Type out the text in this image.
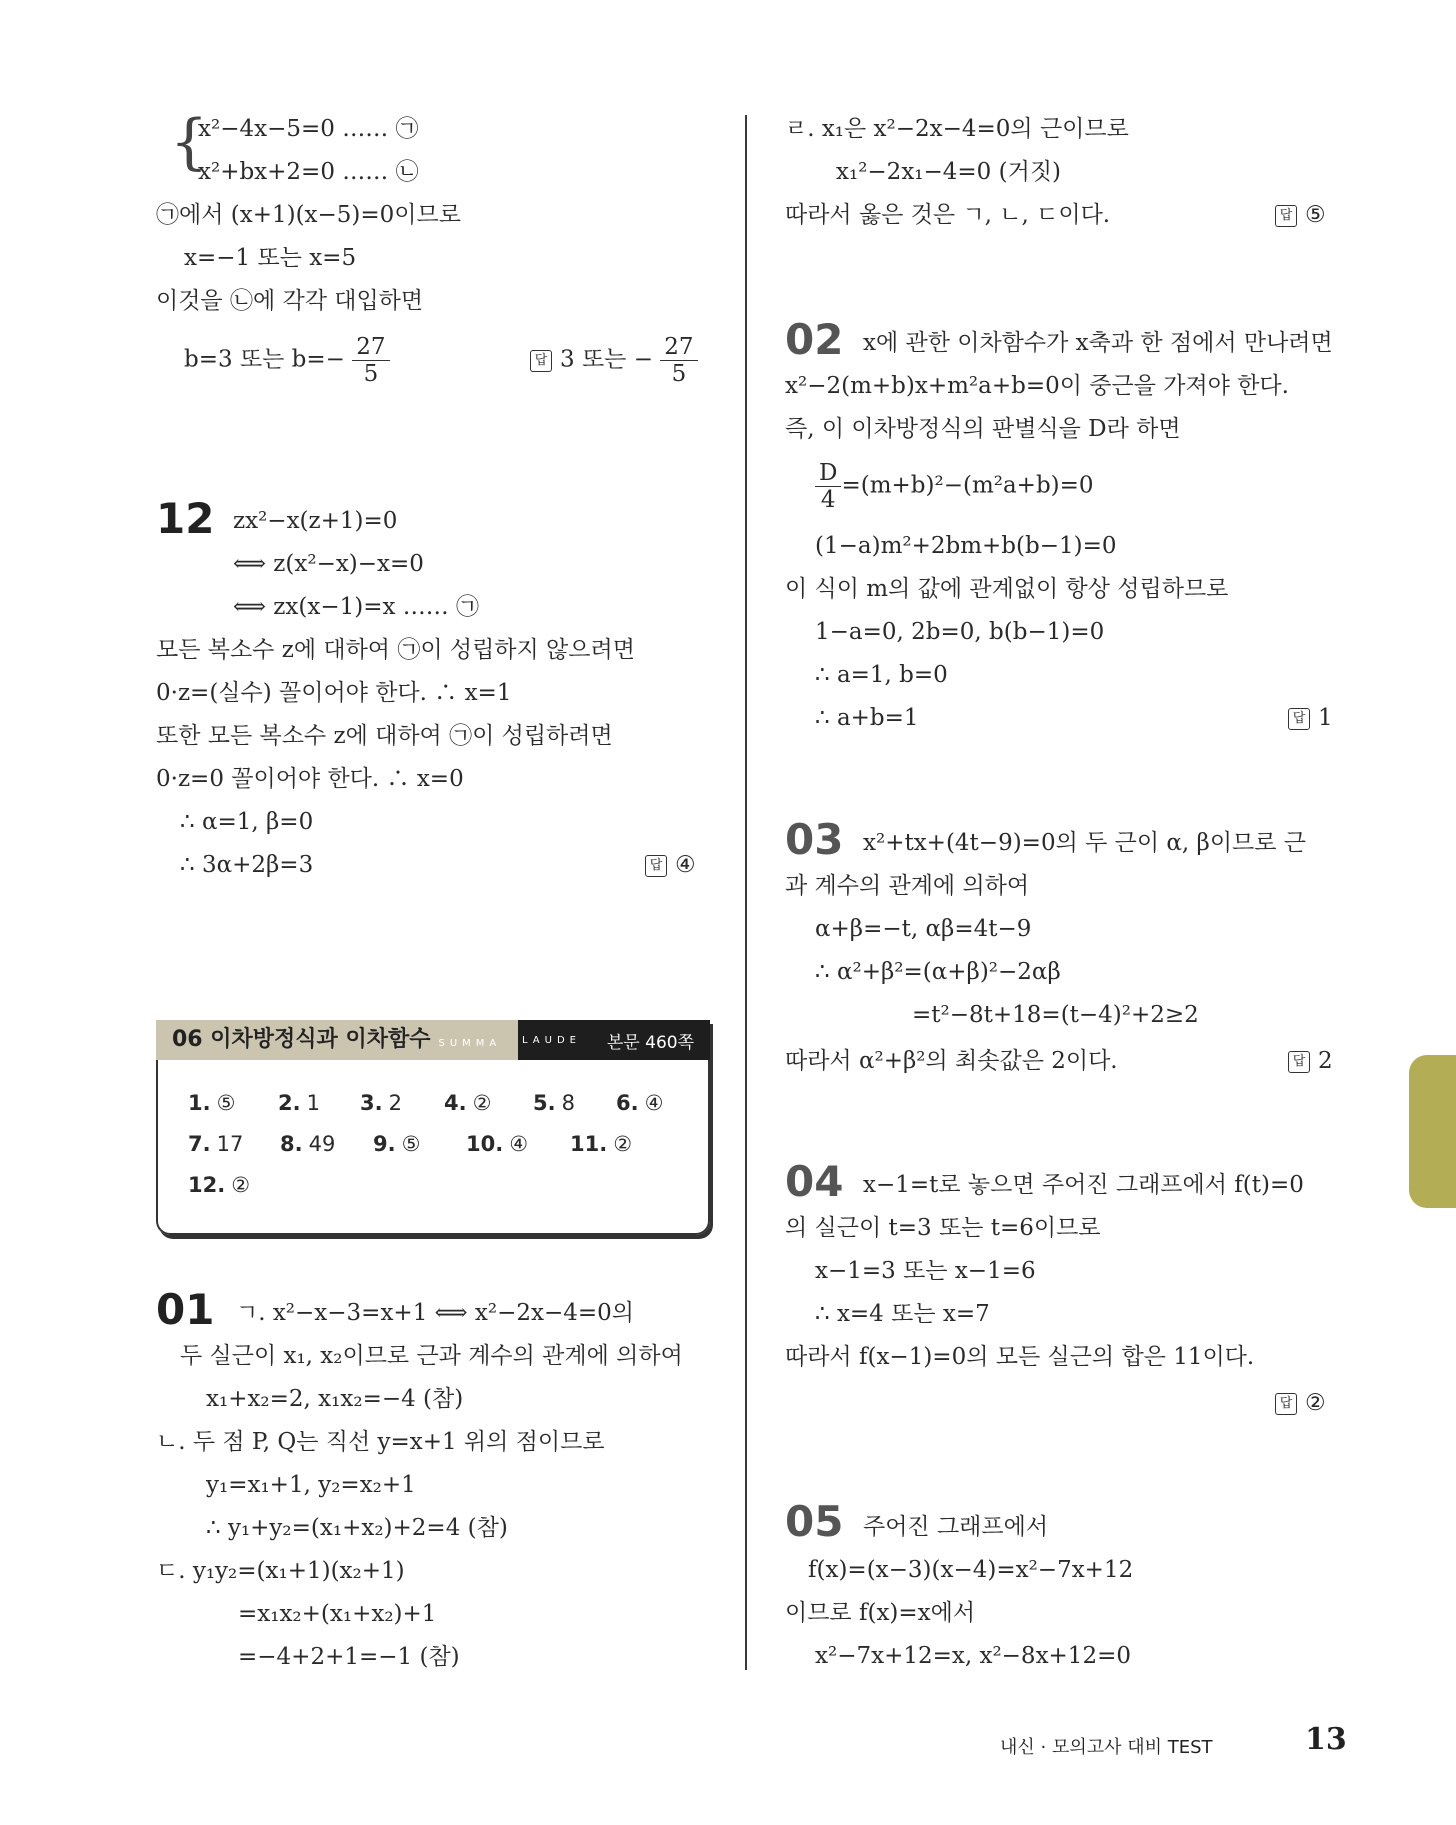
{
x²−4x−5=0 …… ㉠
x²+bx+2=0 …… ㉡
㉠에서 (x+1)(x−5)=0이므로
x=−1 또는 x=5
이것을 ㉡에 각각 대입하면
b=3 또는 $b=- \frac{27}{5}$	답 3 또는 − $\frac{27}{5}$
12 zx²−x(z+1)=0
⟺ z(x²−x)−x=0
⟺ zx(x−1)=x …… ㉠
모든 복소수 z에 대하여 ㉠이 성립하지 않으려면
0·z=(실수) 꼴이어야 한다. ∴ x=1
또한 모든 복소수 z에 대하여 ㉠이 성립하려면
0·z=0 꼴이어야 한다. ∴ x=0
∴ α=1, β=0
∴ 3α+2β=3	답 ④
06 이차방정식과 이차함수 SUMMA CUM
LAUDE 본문 460쪽
1. ⑤ 2. 1 3. 2 4. ② 5. 8 6. ④
7. 17 8. 49 9. ⑤ 10. ④ 11. ②
12. ②
01 ㄱ. x²−x−3=x+1 ⟺ x²−2x−4=0의
두 실근이 x₁, x₂이므로 근과 계수의 관계에 의하여
x₁+x₂=2, x₁x₂=−4 (참)
ㄴ. 두 점 P, Q는 직선 y=x+1 위의 점이므로
y₁=x₁+1, y₂=x₂+1
∴ y₁+y₂=(x₁+x₂)+2=4 (참)
ㄷ. y₁y₂=(x₁+1)(x₂+1)
=x₁x₂+(x₁+x₂)+1
=−4+2+1=−1 (참)
ㄹ. x₁은 x²−2x−4=0의 근이므로
x₁²−2x₁−4=0 (거짓)
따라서 옳은 것은 ㄱ, ㄴ, ㄷ이다.	답 ⑤
02 x에 관한 이차함수가 x축과 한 점에서 만나려면
x²−2(m+b)x+m²a+b=0이 중근을 가져야 한다.
즉, 이 이차방정식의 판별식을 D라 하면
$\frac{D}{4} =(m+b)^2-(m^2a+b)=0$
(1−a)m²+2bm+b(b−1)=0
이 식이 m의 값에 관계없이 항상 성립하므로
1−a=0, 2b=0, b(b−1)=0
∴ a=1, b=0
∴ a+b=1	답 1
03 x²+tx+(4t−9)=0의 두 근이 α, β이므로 근
과 계수의 관계에 의하여
α+β=−t, αβ=4t−9
∴ α²+β²=(α+β)²−2αβ
=t²−8t+18=(t−4)²+2≥2
따라서 α²+β²의 최솟값은 2이다.	답 2
04 x−1=t로 놓으면 주어진 그래프에서 f(t)=0
의 실근이 t=3 또는 t=6이므로
x−1=3 또는 x−1=6
∴ x=4 또는 x=7
따라서 f(x−1)=0의 모든 실근의 합은 11이다.
답 ②
05 주어진 그래프에서
f(x)=(x−3)(x−4)=x²−7x+12
이므로 f(x)=x에서
x²−7x+12=x, x²−8x+12=0
내신 · 모의고사 대비 TEST	13
